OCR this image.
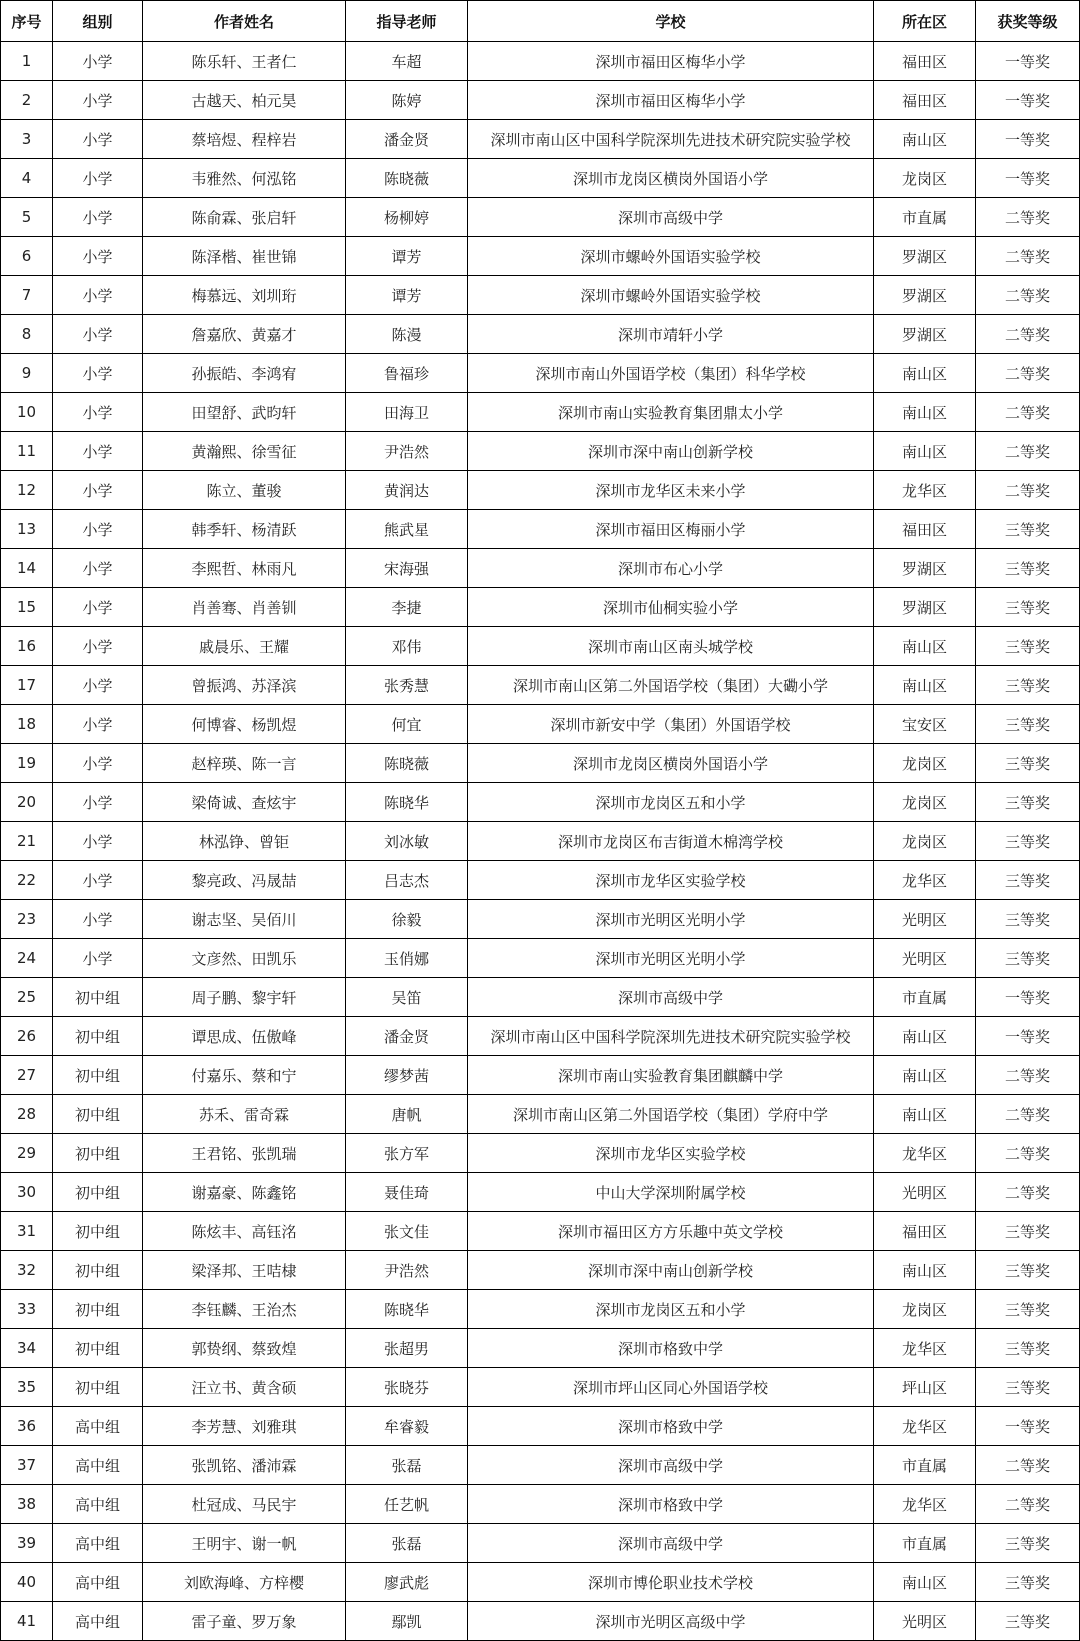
序号	组别	作者姓名	指导老师	学校	所在区	获奖等级
1	小学	陈乐轩、王者仁	车超	深圳市福田区梅华小学	福田区	一等奖
2	小学	古越天、柏元昊	陈婷	深圳市福田区梅华小学	福田区	一等奖
3	小学	蔡培煜、程梓岩	潘金贤	深圳市南山区中国科学院深圳先进技术研究院实验学校	南山区	一等奖
4	小学	韦雅然、何泓铭	陈晓薇	深圳市龙岗区横岗外国语小学	龙岗区	一等奖
5	小学	陈俞霖、张启轩	杨柳婷	深圳市高级中学	市直属	二等奖
6	小学	陈泽楷、崔世锦	谭芳	深圳市螺岭外国语实验学校	罗湖区	二等奖
7	小学	梅慕远、刘圳珩	谭芳	深圳市螺岭外国语实验学校	罗湖区	二等奖
8	小学	詹嘉欣、黄嘉才	陈漫	深圳市靖轩小学	罗湖区	二等奖
9	小学	孙振皓、李鸿宥	鲁福珍	深圳市南山外国语学校（集团）科华学校	南山区	二等奖
10	小学	田望舒、武昀轩	田海卫	深圳市南山实验教育集团鼎太小学	南山区	二等奖
11	小学	黄瀚熙、徐雪征	尹浩然	深圳市深中南山创新学校	南山区	二等奖
12	小学	陈立、董骏	黄润达	深圳市龙华区未来小学	龙华区	二等奖
13	小学	韩季轩、杨清跃	熊武星	深圳市福田区梅丽小学	福田区	三等奖
14	小学	李熙哲、林雨凡	宋海强	深圳市布心小学	罗湖区	三等奖
15	小学	肖善骞、肖善钏	李捷	深圳市仙桐实验小学	罗湖区	三等奖
16	小学	戚晨乐、王耀	邓伟	深圳市南山区南头城学校	南山区	三等奖
17	小学	曾振鸿、苏泽滨	张秀慧	深圳市南山区第二外国语学校（集团）大磡小学	南山区	三等奖
18	小学	何博睿、杨凯煜	何宜	深圳市新安中学（集团）外国语学校	宝安区	三等奖
19	小学	赵梓瑛、陈一言	陈晓薇	深圳市龙岗区横岗外国语小学	龙岗区	三等奖
20	小学	梁倚诚、查炫宇	陈晓华	深圳市龙岗区五和小学	龙岗区	三等奖
21	小学	林泓铮、曾钜	刘冰敏	深圳市龙岗区布吉街道木棉湾学校	龙岗区	三等奖
22	小学	黎亮政、冯晟喆	吕志杰	深圳市龙华区实验学校	龙华区	三等奖
23	小学	谢志坚、吴佰川	徐毅	深圳市光明区光明小学	光明区	三等奖
24	小学	文彦然、田凯乐	玉俏娜	深圳市光明区光明小学	光明区	三等奖
25	初中组	周子鹏、黎宇轩	吴笛	深圳市高级中学	市直属	一等奖
26	初中组	谭思成、伍傲峰	潘金贤	深圳市南山区中国科学院深圳先进技术研究院实验学校	南山区	一等奖
27	初中组	付嘉乐、蔡和宁	缪梦茜	深圳市南山实验教育集团麒麟中学	南山区	二等奖
28	初中组	苏禾、雷奇霖	唐帆	深圳市南山区第二外国语学校（集团）学府中学	南山区	二等奖
29	初中组	王君铭、张凯瑞	张方军	深圳市龙华区实验学校	龙华区	二等奖
30	初中组	谢嘉豪、陈鑫铭	聂佳琦	中山大学深圳附属学校	光明区	二等奖
31	初中组	陈炫丰、高钰洺	张文佳	深圳市福田区方方乐趣中英文学校	福田区	三等奖
32	初中组	梁泽邦、王咭棣	尹浩然	深圳市深中南山创新学校	南山区	三等奖
33	初中组	李钰麟、王治杰	陈晓华	深圳市龙岗区五和小学	龙岗区	三等奖
34	初中组	郭贽纲、蔡致煌	张超男	深圳市格致中学	龙华区	三等奖
35	初中组	汪立书、黄含硕	张晓芬	深圳市坪山区同心外国语学校	坪山区	三等奖
36	高中组	李芳慧、刘雅琪	牟睿毅	深圳市格致中学	龙华区	一等奖
37	高中组	张凯铭、潘沛霖	张磊	深圳市高级中学	市直属	二等奖
38	高中组	杜冠成、马民宇	任艺帆	深圳市格致中学	龙华区	二等奖
39	高中组	王明宇、谢一帆	张磊	深圳市高级中学	市直属	三等奖
40	高中组	刘欧海峰、方梓樱	廖武彪	深圳市博伦职业技术学校	南山区	三等奖
41	高中组	雷子童、罗万象	鄢凯	深圳市光明区高级中学	光明区	三等奖
